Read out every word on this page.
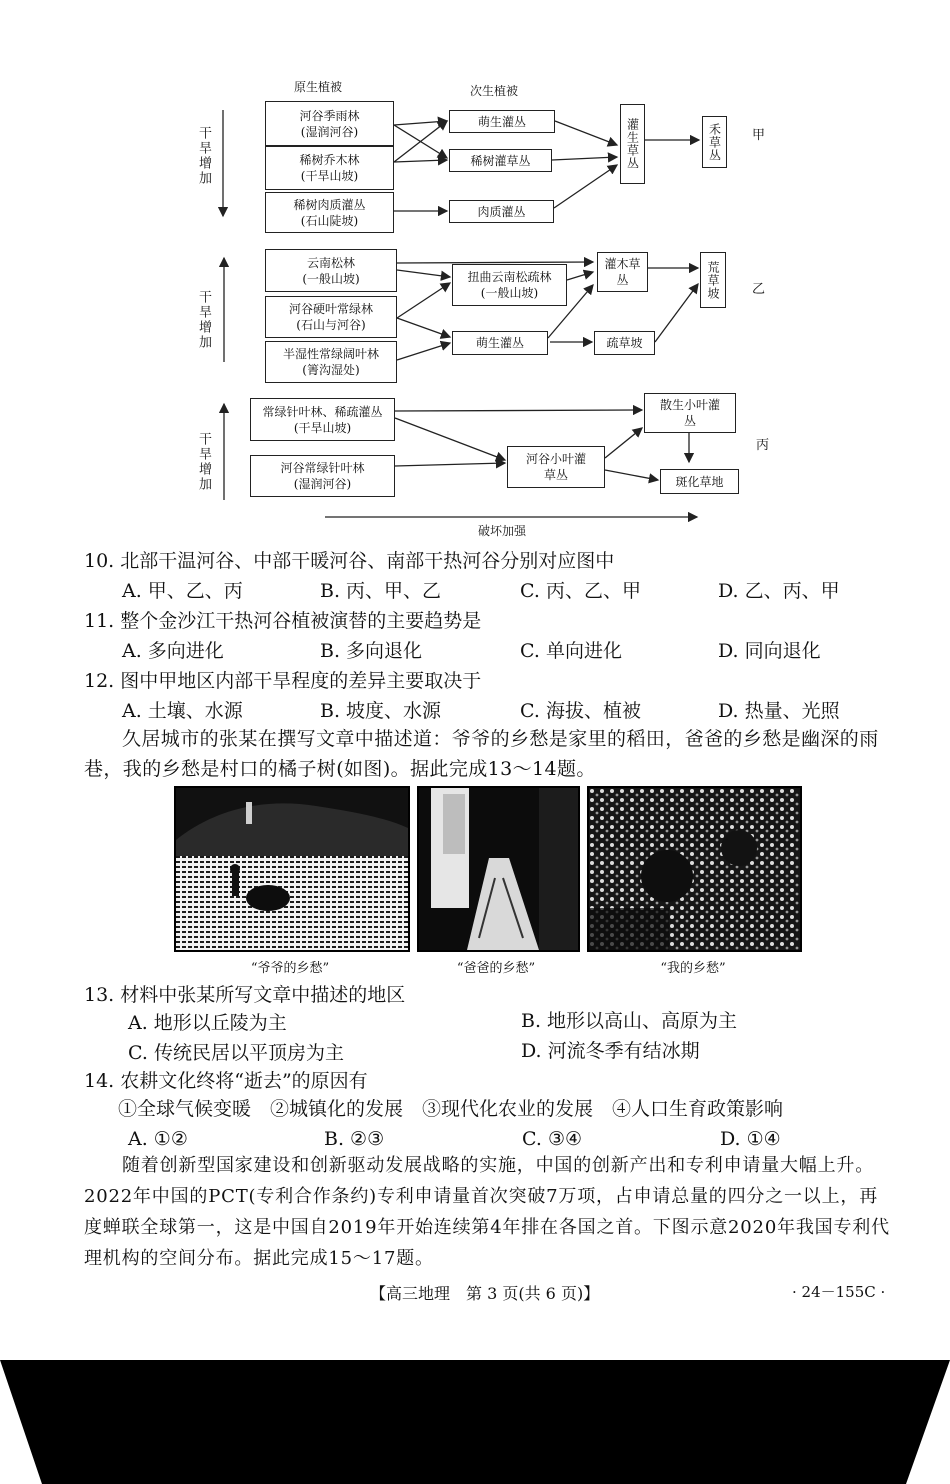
原生植被	次生植被
干旱增加
干旱增加
干旱增加
破坏加强
河谷季雨林
(湿润河谷)
稀树乔木林
(干旱山坡)
稀树肉质灌丛
(石山陡坡)
萌生灌丛
稀树灌草丛
肉质灌丛
灌生草丛	禾草丛	甲
云南松林
(一般山坡)
河谷硬叶常绿林
(石山与河谷)
半湿性常绿阔叶林
(箐沟湿处)
扭曲云南松疏林
(一般山坡)
萌生灌丛
灌木草丛
疏草坡
荒草坡	乙
常绿针叶林、稀疏灌丛(干旱山坡)
河谷常绿针叶林
(湿润河谷)
河谷小叶灌草丛
散生小叶灌丛
斑化草地
丙
10. 北部干温河谷、中部干暖河谷、南部干热河谷分别对应图中
A. 甲、乙、丙	B. 丙、甲、乙	C. 丙、乙、甲	D. 乙、丙、甲
11. 整个金沙江干热河谷植被演替的主要趋势是
A. 多向进化	B. 多向退化	C. 单向进化	D. 同向退化
12. 图中甲地区内部干旱程度的差异主要取决于
A. 土壤、水源	B. 坡度、水源	C. 海拔、植被	D. 热量、光照
久居城市的张某在撰写文章中描述道：爷爷的乡愁是家里的稻田，爸爸的乡愁是幽深的雨巷，我的乡愁是村口的橘子树(如图)。据此完成13～14题。
“爷爷的乡愁”	“爸爸的乡愁”	“我的乡愁”
13. 材料中张某所写文章中描述的地区
A. 地形以丘陵为主	B. 地形以高山、高原为主
C. 传统民居以平顶房为主	D. 河流冬季有结冰期
14. 农耕文化终将“逝去”的原因有
①全球气候变暖　②城镇化的发展　③现代化农业的发展　④人口生育政策影响
A. ①②	B. ②③	C. ③④	D. ①④
随着创新型国家建设和创新驱动发展战略的实施，中国的创新产出和专利申请量大幅上升。2022年中国的PCT(专利合作条约)专利申请量首次突破7万项，占申请总量的四分之一以上，再度蝉联全球第一，这是中国自2019年开始连续第4年排在各国之首。下图示意2020年我国专利代理机构的空间分布。据此完成15～17题。
【高三地理　第 3 页(共 6 页)】	· 24－155C ·
